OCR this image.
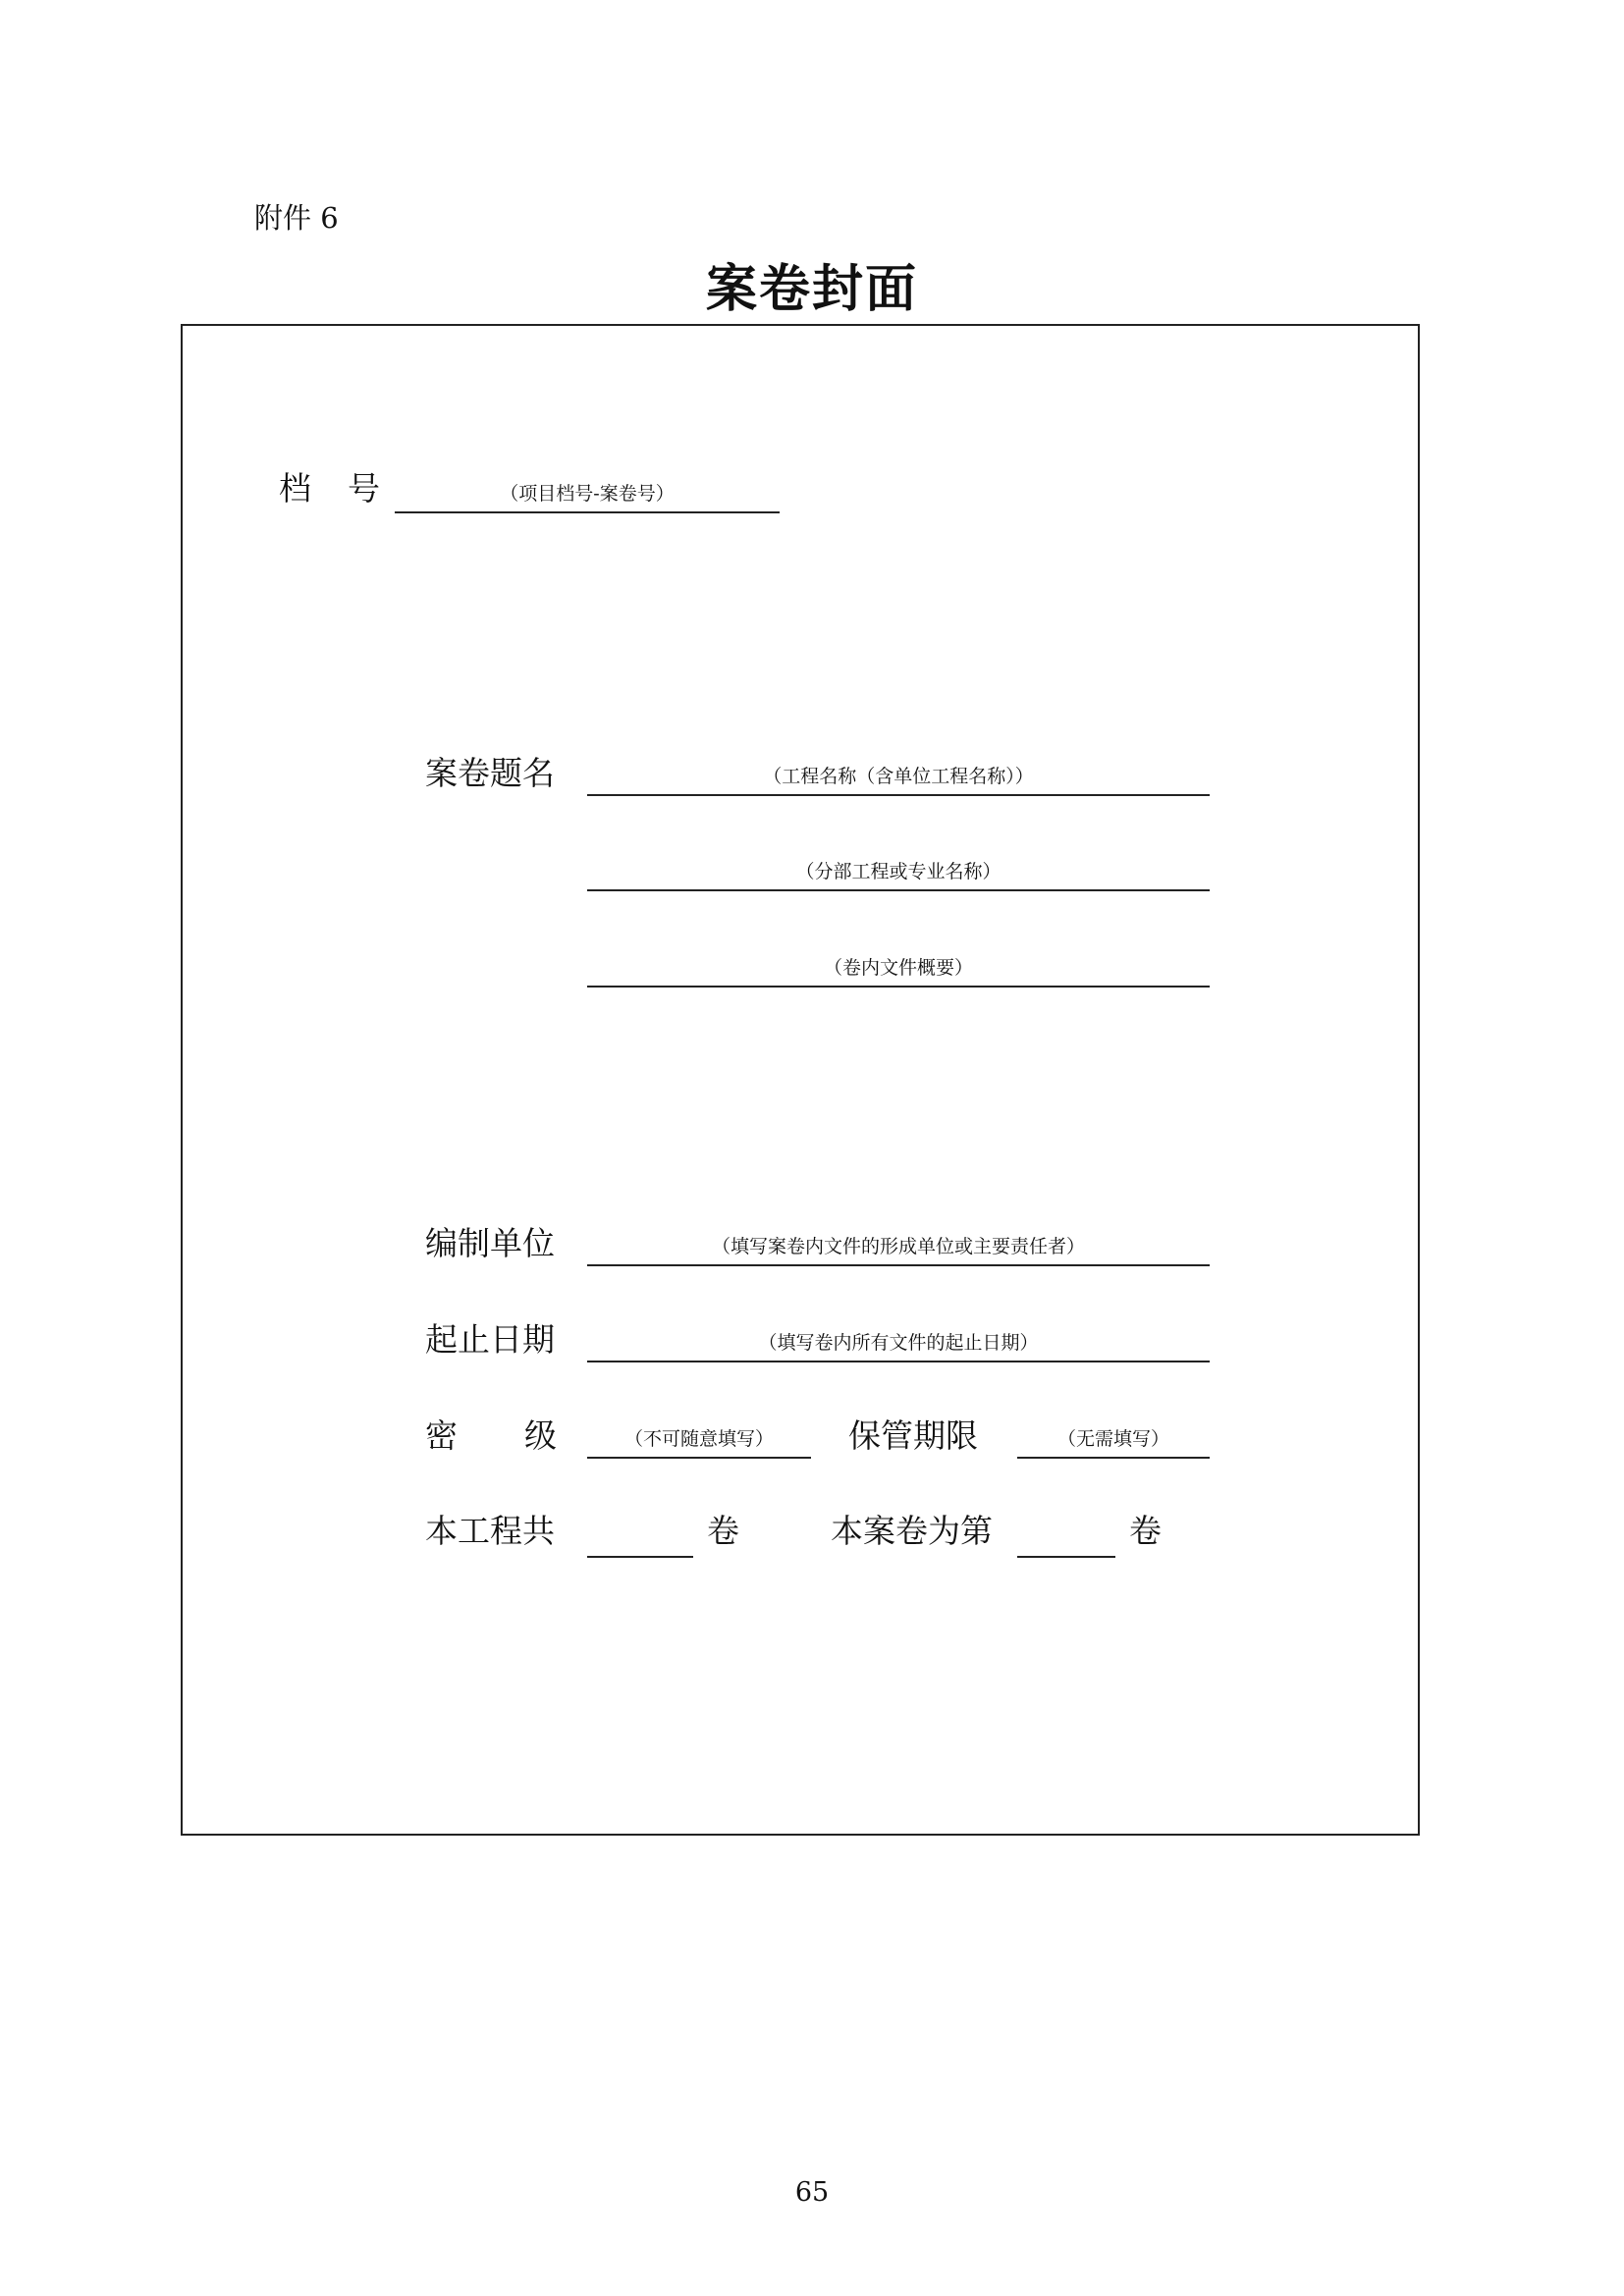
附件 6
案卷封面
档 号	（项目档号-案卷号）
案卷题名	（工程名称（含单位工程名称））
（分部工程或专业名称）
（卷内文件概要）
编制单位	（填写案卷内文件的形成单位或主要责任者）
起止日期	（填写卷内所有文件的起止日期）
密 级	（不可随意填写）	保管期限	（无需填写）
本工程共	卷	本案卷为第	卷
65
